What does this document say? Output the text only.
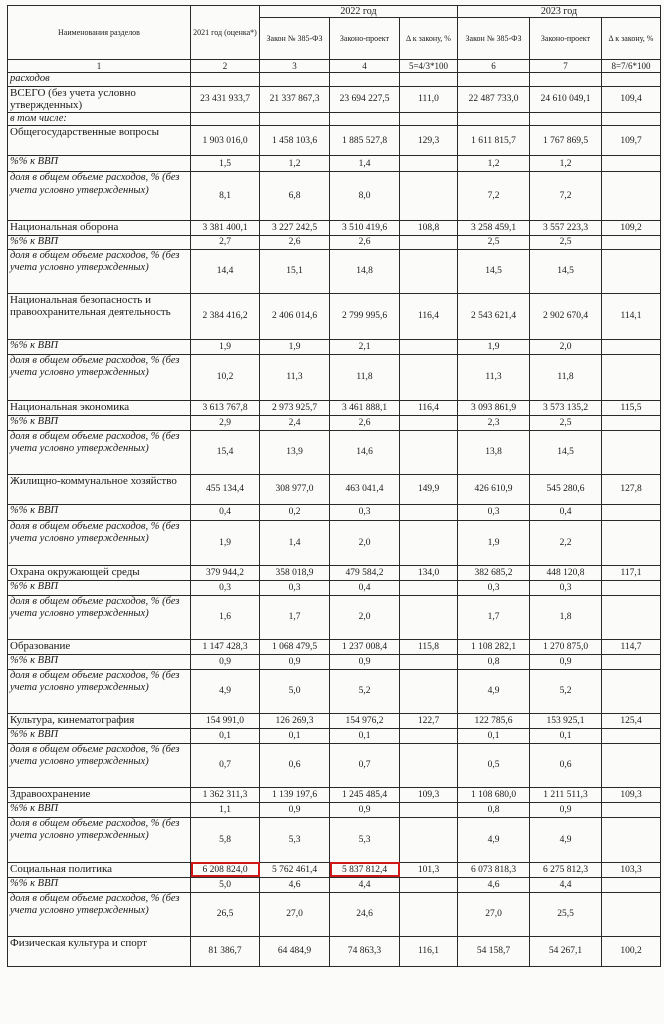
Наименования разделов	2021 год (оценка*)	2022 год			2023 год		
		Закон № 385-ФЗ	Законо-проект	Δ к закону, %	Закон № 385-ФЗ	Законо-проект	Δ к закону, %
1	2	3	4	5=4/3*100	6	7	8=7/6*100
расходов							
ВСЕГО (без учета условно утвержденных)	23 431 933,7	21 337 867,3	23 694 227,5	111,0	22 487 733,0	24 610 049,1	109,4
в том числе:							
Общегосударственные вопросы	1 903 016,0	1 458 103,6	1 885 527,8	129,3	1 611 815,7	1 767 869,5	109,7
%% к ВВП	1,5	1,2	1,4		1,2	1,2	
доля в общем объеме расходов, % (без учета условно утвержденных)	8,1	6,8	8,0		7,2	7,2	
Национальная оборона	3 381 400,1	3 227 242,5	3 510 419,6	108,8	3 258 459,1	3 557 223,3	109,2
%% к ВВП	2,7	2,6	2,6		2,5	2,5	
доля в общем объеме расходов, % (без учета условно утвержденных)	14,4	15,1	14,8		14,5	14,5	
Национальная безопасность и правоохранительная деятельность	2 384 416,2	2 406 014,6	2 799 995,6	116,4	2 543 621,4	2 902 670,4	114,1
%% к ВВП	1,9	1,9	2,1		1,9	2,0	
доля в общем объеме расходов, % (без учета условно утвержденных)	10,2	11,3	11,8		11,3	11,8	
Национальная экономика	3 613 767,8	2 973 925,7	3 461 888,1	116,4	3 093 861,9	3 573 135,2	115,5
%% к ВВП	2,9	2,4	2,6		2,3	2,5	
доля в общем объеме расходов, % (без учета условно утвержденных)	15,4	13,9	14,6		13,8	14,5	
Жилищно-коммунальное хозяйство	455 134,4	308 977,0	463 041,4	149,9	426 610,9	545 280,6	127,8
%% к ВВП	0,4	0,2	0,3		0,3	0,4	
доля в общем объеме расходов, % (без учета условно утвержденных)	1,9	1,4	2,0		1,9	2,2	
Охрана окружающей среды	379 944,2	358 018,9	479 584,2	134,0	382 685,2	448 120,8	117,1
%% к ВВП	0,3	0,3	0,4		0,3	0,3	
доля в общем объеме расходов, % (без учета условно утвержденных)	1,6	1,7	2,0		1,7	1,8	
Образование	1 147 428,3	1 068 479,5	1 237 008,4	115,8	1 108 282,1	1 270 875,0	114,7
%% к ВВП	0,9	0,9	0,9		0,8	0,9	
доля в общем объеме расходов, % (без учета условно утвержденных)	4,9	5,0	5,2		4,9	5,2	
Культура, кинематография	154 991,0	126 269,3	154 976,2	122,7	122 785,6	153 925,1	125,4
%% к ВВП	0,1	0,1	0,1		0,1	0,1	
доля в общем объеме расходов, % (без учета условно утвержденных)	0,7	0,6	0,7		0,5	0,6	
Здравоохранение	1 362 311,3	1 139 197,6	1 245 485,4	109,3	1 108 680,0	1 211 511,3	109,3
%% к ВВП	1,1	0,9	0,9		0,8	0,9	
доля в общем объеме расходов, % (без учета условно утвержденных)	5,8	5,3	5,3		4,9	4,9	
Социальная политика	6 208 824,0	5 762 461,4	5 837 812,4	101,3	6 073 818,3	6 275 812,3	103,3
%% к ВВП	5,0	4,6	4,4		4,6	4,4	
доля в общем объеме расходов, % (без учета условно утвержденных)	26,5	27,0	24,6		27,0	25,5	
Физическая культура и спорт	81 386,7	64 484,9	74 863,3	116,1	54 158,7	54 267,1	100,2
